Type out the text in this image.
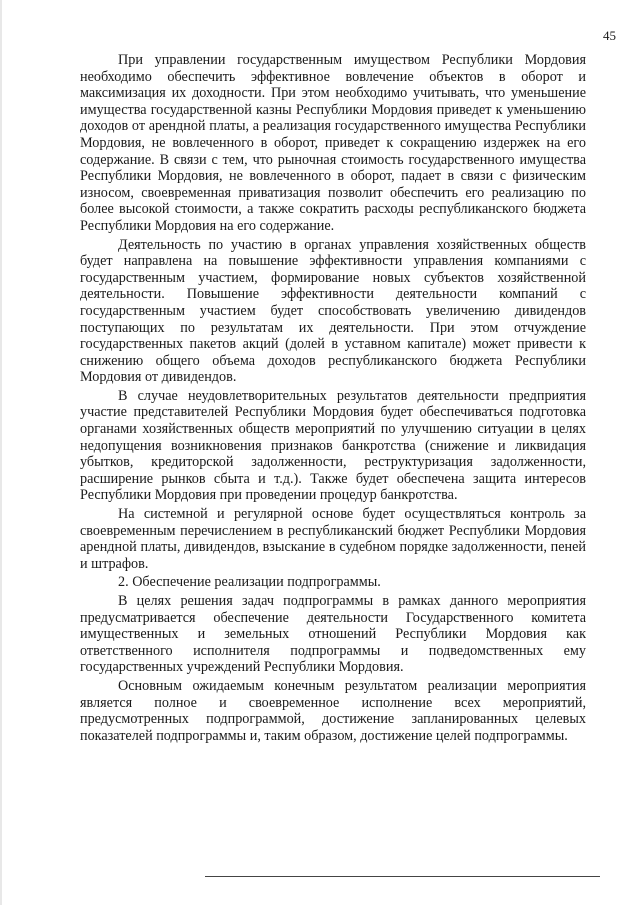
45

При управлении государственным имуществом Республики Мордовия необходимо обеспечить эффективное вовлечение объектов в оборот и максимизация их доходности. При этом необходимо учитывать, что уменьшение имущества государственной казны Республики Мордовия приведет к уменьшению доходов от арендной платы, а реализация государственного имущества Республики Мордовия, не вовлеченного в оборот, приведет к сокращению издержек на его содержание. В связи с тем, что рыночная стоимость государственного имущества Республики Мордовия, не вовлеченного в оборот, падает в связи с физическим износом, своевременная приватизация позволит обеспечить его реализацию по более высокой стоимости, а также сократить расходы республиканского бюджета Республики Мордовия на его содержание.

Деятельность по участию в органах управления хозяйственных обществ будет направлена на повышение эффективности управления компаниями с государственным участием, формирование новых субъектов хозяйственной деятельности. Повышение эффективности деятельности компаний с государственным участием будет способствовать увеличению дивидендов поступающих по результатам их деятельности. При этом отчуждение государственных пакетов акций (долей в уставном капитале) может привести к снижению общего объема доходов республиканского бюджета Республики Мордовия от дивидендов.

В случае неудовлетворительных результатов деятельности предприятия участие представителей Республики Мордовия будет обеспечиваться подготовка органами хозяйственных обществ мероприятий по улучшению ситуации в целях недопущения возникновения признаков банкротства (снижение и ликвидация убытков, кредиторской задолженности, реструктуризация задолженности, расширение рынков сбыта и т.д.). Также будет обеспечена защита интересов Республики Мордовия при проведении процедур банкротства.

На системной и регулярной основе будет осуществляться контроль за своевременным перечислением в республиканский бюджет Республики Мордовия арендной платы, дивидендов, взыскание в судебном порядке задолженности, пеней и штрафов.

2. Обеспечение реализации подпрограммы.

В целях решения задач подпрограммы в рамках данного мероприятия предусматривается обеспечение деятельности Государственного комитета имущественных и земельных отношений Республики Мордовия как ответственного исполнителя подпрограммы и подведомственных ему государственных учреждений Республики Мордовия.

Основным ожидаемым конечным результатом реализации мероприятия является полное и своевременное исполнение всех мероприятий, предусмотренных подпрограммой, достижение запланированных целевых показателей подпрограммы и, таким образом, достижение целей подпрограммы.
